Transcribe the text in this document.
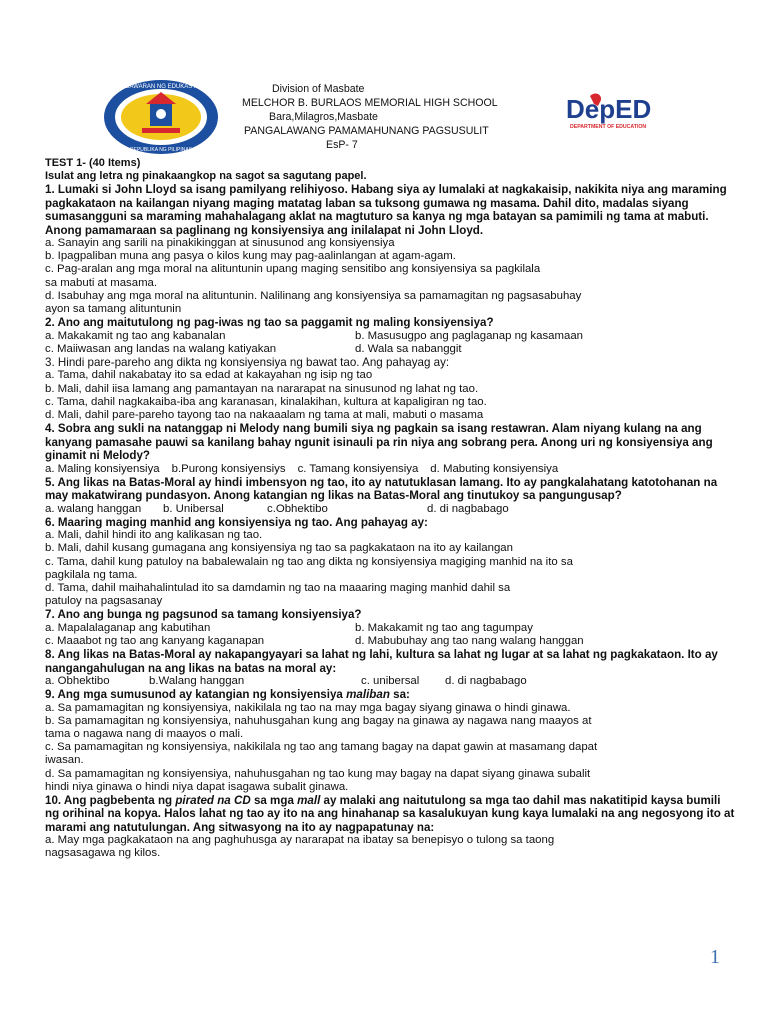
KAGAWARAN NG EDUKASYON
REPUBLIKA NG PILIPINAS
Division of Masbate
MELCHOR B. BURLAOS MEMORIAL HIGH SCHOOL
Bara,Milagros,Masbate
PANGALAWANG PAMAMAHUNANG PAGSUSULIT
EsP- 7
DepED
DEPARTMENT OF EDUCATION

TEST 1- (40 Items)

Isulat ang letra ng pinakaangkop na sagot sa sagutang papel.

1. Lumaki si John Lloyd sa isang pamilyang relihiyoso. Habang siya ay lumalaki at nagkakaisip, nakikita niya ang maraming pagkakataon na kailangan niyang maging matatag laban sa tuksong gumawa ng masama. Dahil dito, madalas siyang sumasangguni sa maraming mahahalagang aklat na magtuturo sa kanya ng mga batayan sa pamimili ng tama at mabuti. Anong pamamaraan sa paglinang ng konsiyensiya ang inilalapat ni John Lloyd.

a. Sanayin ang sarili na pinakikinggan at sinusunod ang konsiyensiya

b. Ipagpaliban muna ang pasya o kilos kung may pag-aalinlangan at agam-agam.

c. Pag-aralan ang mga moral na alituntunin upang maging sensitibo ang konsiyensiya sa pagkilala

sa mabuti at masama.

d. Isabuhay ang mga moral na alituntunin. Nalilinang ang konsiyensiya sa pamamagitan ng pagsasabuhay

ayon sa tamang alituntunin

2. Ano ang maitutulong ng pag-iwas ng tao sa paggamit ng maling konsiyensiya?

a. Makakamit ng tao ang kabanalan	b. Masusugpo ang paglaganap ng kasamaan
c. Maiiwasan ang landas na walang katiyakan	d. Wala sa nabanggit

3. Hindi pare-pareho ang dikta ng konsiyensiya ng bawat tao. Ang pahayag ay:

a. Tama, dahil nakabatay ito sa edad at kakayahan ng isip ng tao

b. Mali, dahil iisa lamang ang pamantayan na nararapat na sinusunod ng lahat ng tao.

c. Tama, dahil nagkakaiba-iba ang karanasan, kinalakihan, kultura at kapaligiran ng tao.

d. Mali, dahil pare-pareho tayong tao na nakaaalam ng tama at mali, mabuti o masama

4. Sobra ang sukli na natanggap ni Melody nang bumili siya ng pagkain sa isang restawran. Alam niyang kulang na ang kanyang pamasahe pauwi sa kanilang bahay ngunit isinauli pa rin niya ang sobrang pera. Anong uri ng konsiyensiya ang ginamit ni Melody?

a. Maling konsiyensiya b.Purong konsiyensiys c. Tamang konsiyensiya d. Mabuting konsiyensiya

5. Ang likas na Batas-Moral ay hindi imbensyon ng tao, ito ay natutuklasan lamang. Ito ay pangkalahatang katotohanan na may makatwirang pundasyon. Anong katangian ng likas na Batas-Moral ang tinutukoy sa pangungusap?

a. walang hanggan b. Unibersal	c.Obhektibo	d. di nagbabago

6. Maaring maging manhid ang konsiyensiya ng tao. Ang pahayag ay:

a. Mali, dahil hindi ito ang kalikasan ng tao.

b. Mali, dahil kusang gumagana ang konsiyensiya ng tao sa pagkakataon na ito ay kailangan

c. Tama, dahil kung patuloy na babalewalain ng tao ang dikta ng konsiyensiya magiging manhid na ito sa

pagkilala ng tama.

d. Tama, dahil maihahalintulad ito sa damdamin ng tao na maaaring maging manhid dahil sa

patuloy na pagsasanay

7. Ano ang bunga ng pagsunod sa tamang konsiyensiya?

a. Mapalalaganap ang kabutihan	b. Makakamit ng tao ang tagumpay
c. Maaabot ng tao ang kanyang kaganapan	d. Mabubuhay ang tao nang walang hanggan

8. Ang likas na Batas-Moral ay nakapangyayari sa lahat ng lahi, kultura sa lahat ng lugar at sa lahat ng pagkakataon. Ito ay nangangahulugan na ang likas na batas na moral ay:

a. Obhektibo	b.Walang hanggan	c. unibersal d. di nagbabago

9. Ang mga sumusunod ay katangian ng konsiyensiya maliban sa:

a. Sa pamamagitan ng konsiyensiya, nakikilala ng tao na may mga bagay siyang ginawa o hindi ginawa.

b. Sa pamamagitan ng konsiyensiya, nahuhusgahan kung ang bagay na ginawa ay nagawa nang maayos at

tama o nagawa nang di maayos o mali.

c. Sa pamamagitan ng konsiyensiya, nakikilala ng tao ang tamang bagay na dapat gawin at masamang dapat

iwasan.

d. Sa pamamagitan ng konsiyensiya, nahuhusgahan ng tao kung may bagay na dapat siyang ginawa subalit

hindi niya ginawa o hindi niya dapat isagawa subalit ginawa.

10. Ang pagbebenta ng pirated na CD sa mga mall ay malaki ang naitutulong sa mga tao dahil mas nakatitipid kaysa bumili ng orihinal na kopya. Halos lahat ng tao ay ito na ang hinahanap sa kasalukuyan kung kaya lumalaki na ang negosyong ito at marami ang natutulungan. Ang sitwasyong na ito ay nagpapatunay na:

a. May mga pagkakataon na ang paghuhusga ay nararapat na ibatay sa benepisyo o tulong sa taong

nagsasagawa ng kilos.

1
